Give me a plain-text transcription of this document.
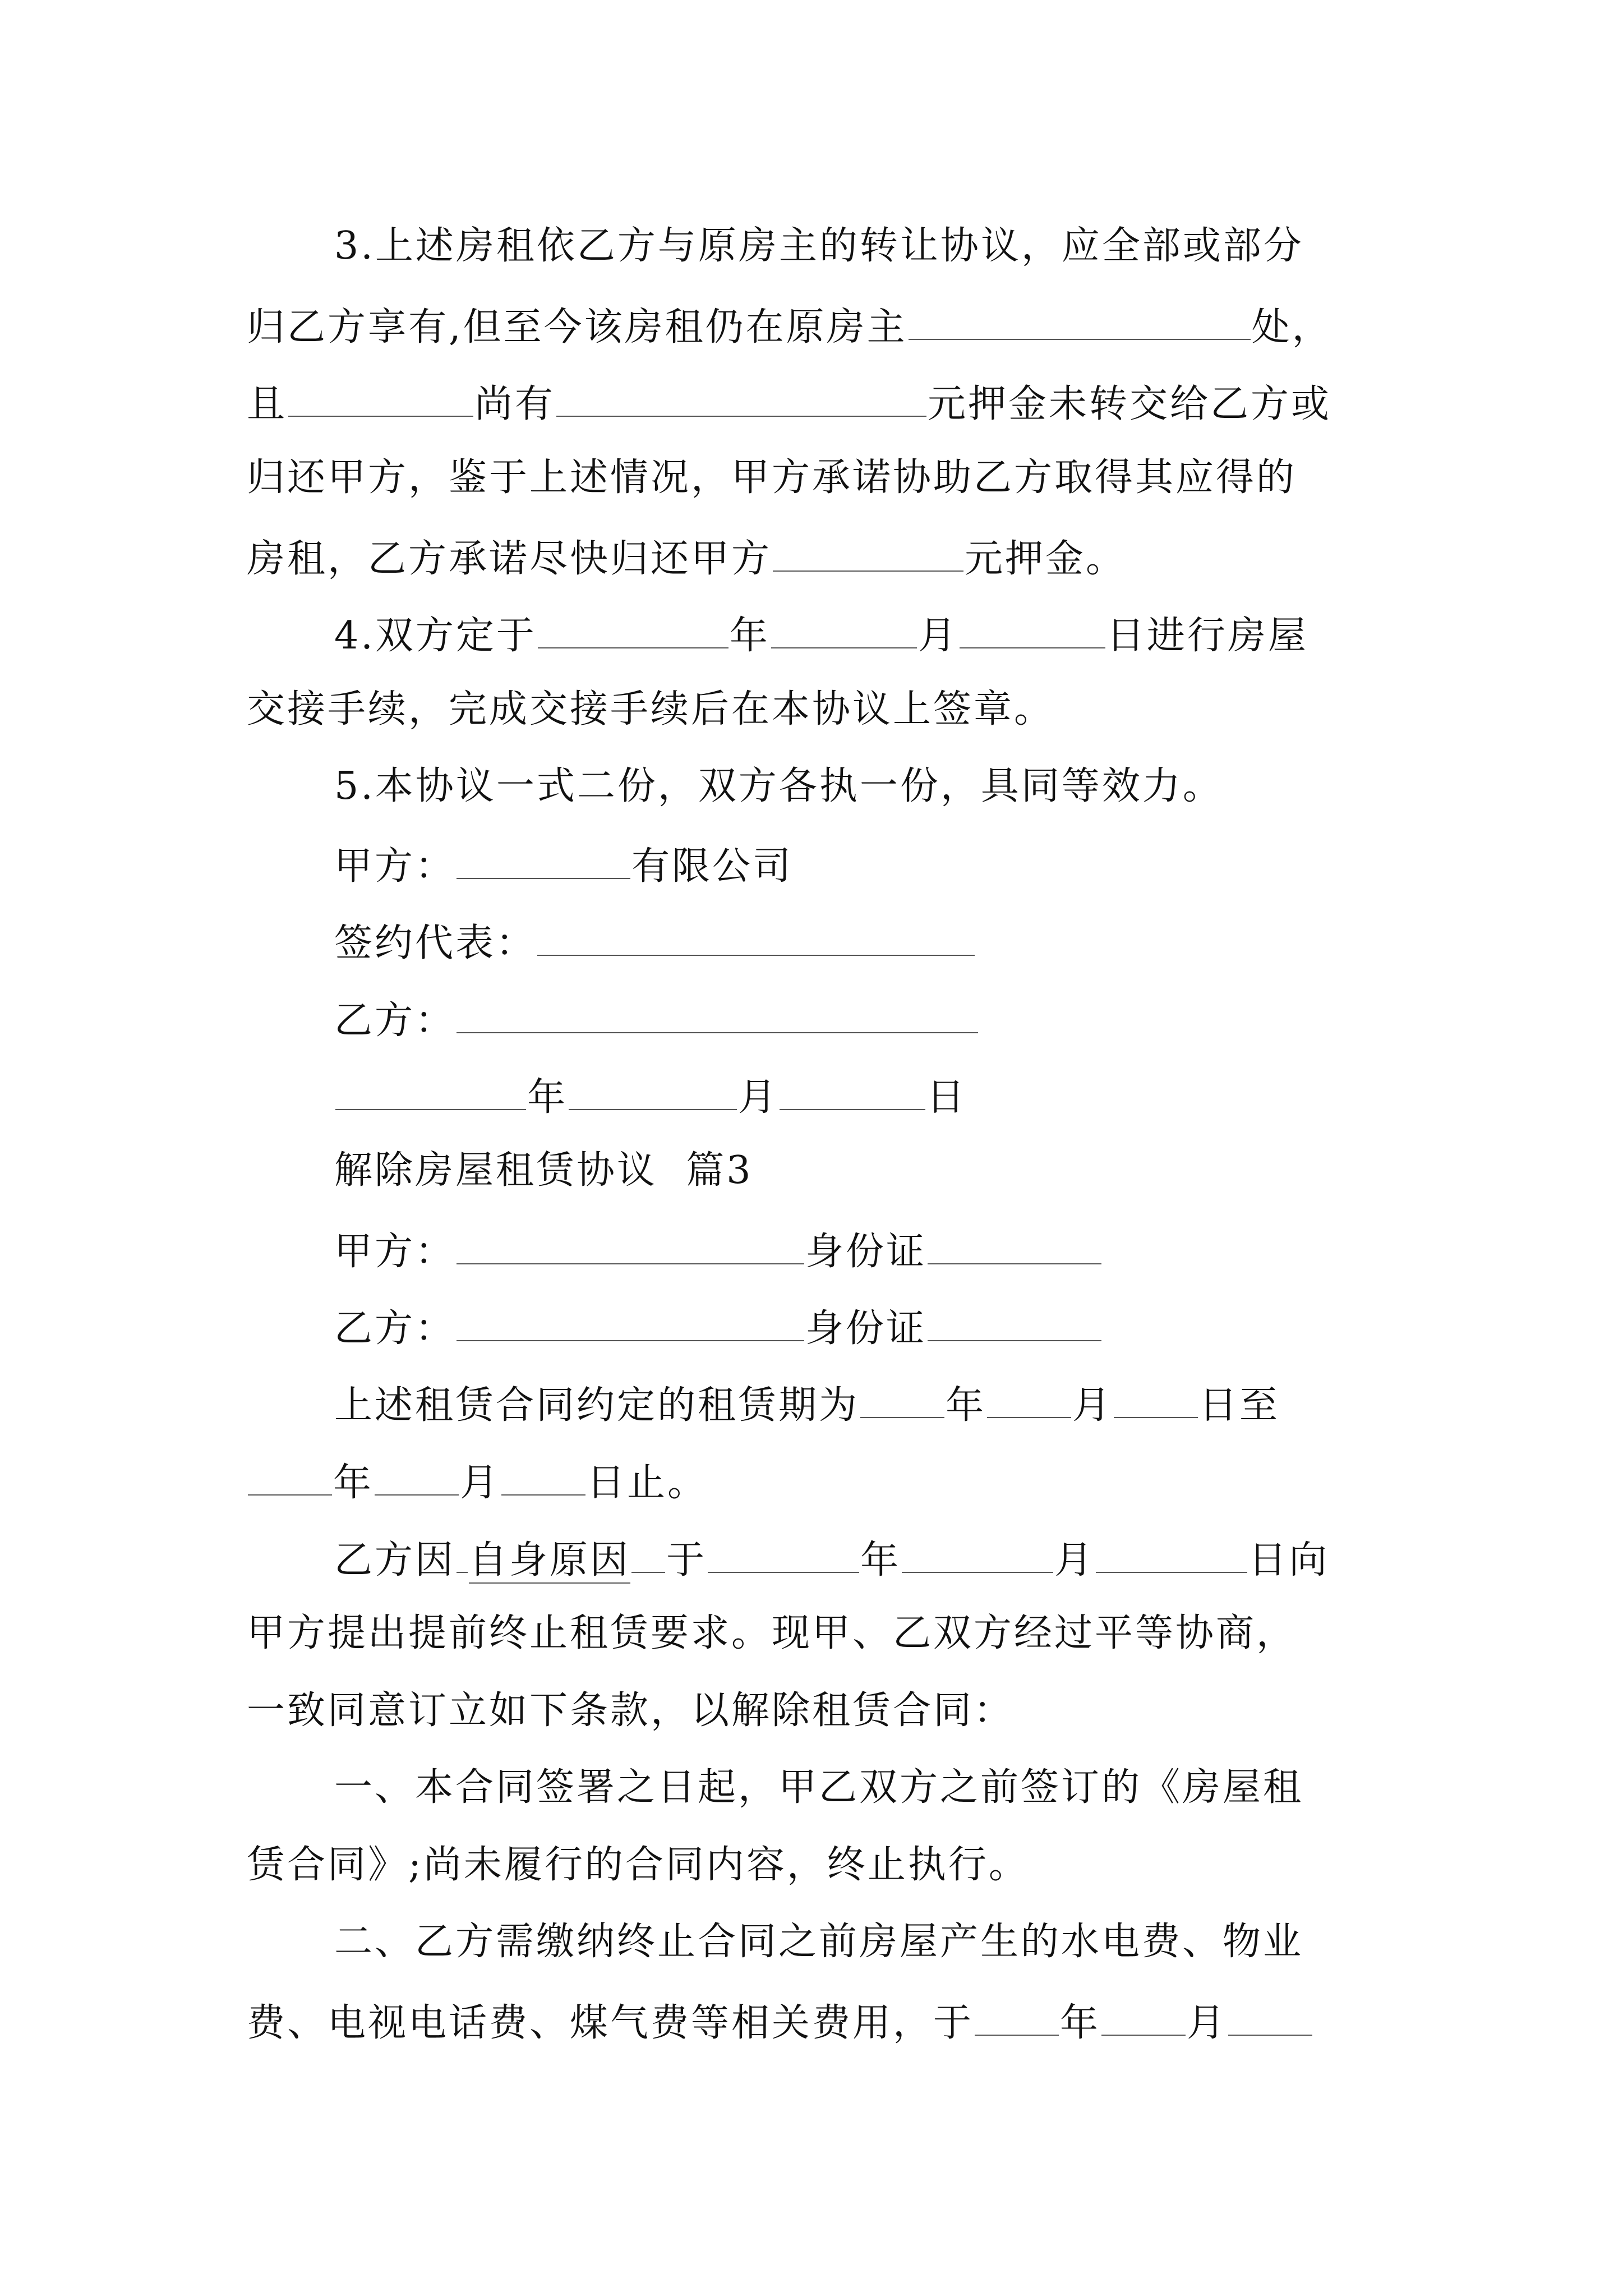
3.上述房租依乙方与原房主的转让协议，应全部或部分
归乙方享有,但至今该房租仍在原房主	处，
且	尚有	元押金未转交给乙方或
归还甲方，鉴于上述情况，甲方承诺协助乙方取得其应得的
房租，乙方承诺尽快归还甲方	元押金。
4.双方定于	年	月	日进行房屋
交接手续，完成交接手续后在本协议上签章。
5.本协议一式二份，双方各执一份，具同等效力。
甲方：	有限公司
签约代表：
乙方：
年	月	日
解除房屋租赁协议  篇3
甲方：	身份证
乙方：	身份证
上述租赁合同约定的租赁期为 年 月 日至
年 月 日止。
乙方因 自身原因 于	年	月	日向
甲方提出提前终止租赁要求。现甲、乙双方经过平等协商，
一致同意订立如下条款，以解除租赁合同：
一、本合同签署之日起，甲乙双方之前签订的《房屋租
赁合同》;尚未履行的合同内容，终止执行。
二、乙方需缴纳终止合同之前房屋产生的水电费、物业
费、电视电话费、煤气费等相关费用，于 年 月
